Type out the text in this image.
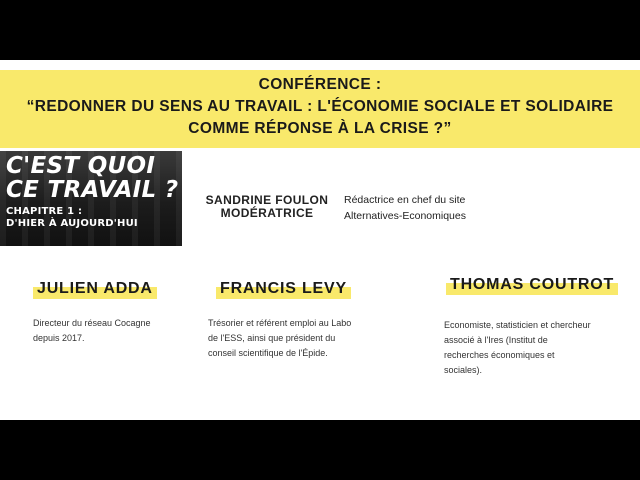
CONFÉRENCE :
“REDONNER DU SENS AU TRAVAIL : L'ÉCONOMIE SOCIALE ET SOLIDAIRE
COMME RÉPONSE À LA CRISE ?”
C'EST QUOI
CE TRAVAIL ?
CHAPITRE 1 :
D'HIER À AUJOURD'HUI
SANDRINE FOULON
MODÉRATRICE
Rédactrice en chef du site
Alternatives-Economiques
JULIEN ADDA
Directeur du réseau Cocagne
depuis 2017.
FRANCIS LEVY
Trésorier et référent emploi au Labo
de l'ESS, ainsi que président du
conseil scientifique de l'Épide.
THOMAS COUTROT
Economiste, statisticien et chercheur
associé à l'Ires (Institut de
recherches économiques et
sociales).
